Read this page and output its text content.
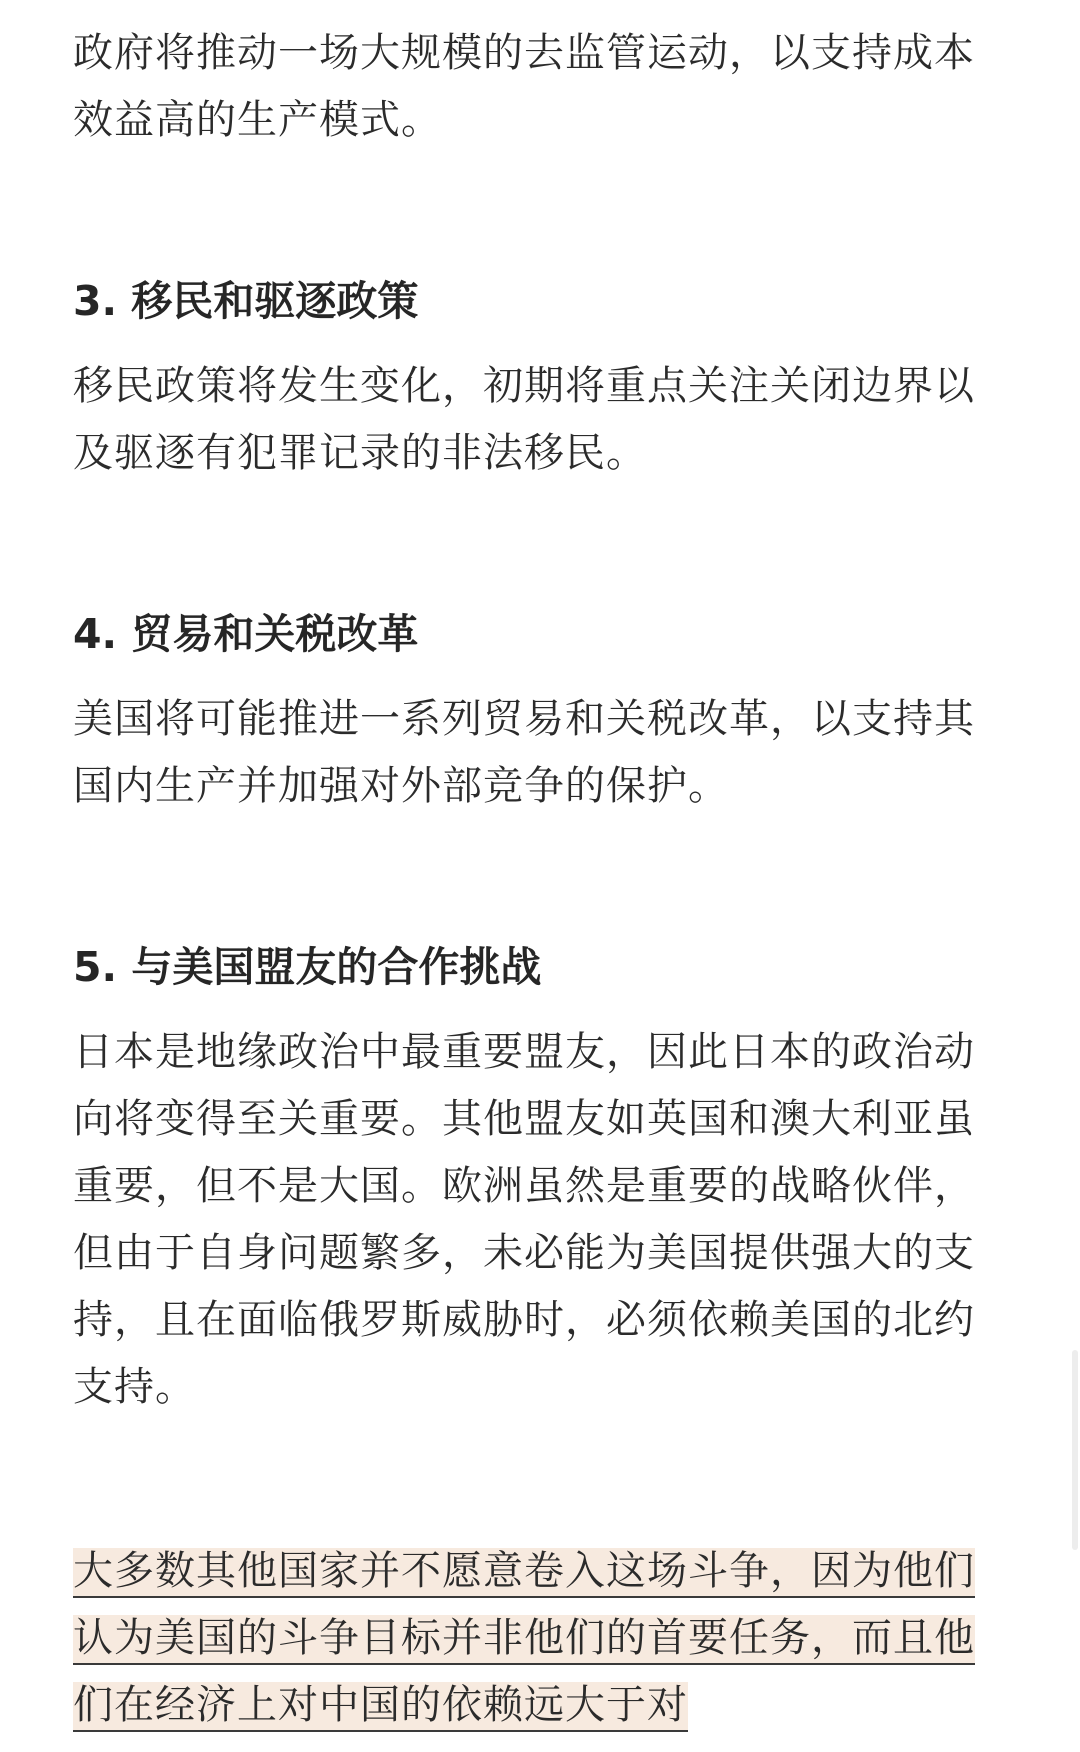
政府将推动一场大规模的去监管运动，以支持成本效益高的生产模式。

3. 移民和驱逐政策

移民政策将发生变化，初期将重点关注关闭边界以及驱逐有犯罪记录的非法移民。

4. 贸易和关税改革

美国将可能推进一系列贸易和关税改革，以支持其国内生产并加强对外部竞争的保护。

5. 与美国盟友的合作挑战

日本是地缘政治中最重要盟友，因此日本的政治动向将变得至关重要。其他盟友如英国和澳大利亚虽重要，但不是大国。欧洲虽然是重要的战略伙伴，但由于自身问题繁多，未必能为美国提供强大的支持，且在面临俄罗斯威胁时，必须依赖美国的北约支持。

大多数其他国家并不愿意卷入这场斗争，因为他们认为美国的斗争目标并非他们的首要任务，而且他们在经济上对中国的依赖远大于对
